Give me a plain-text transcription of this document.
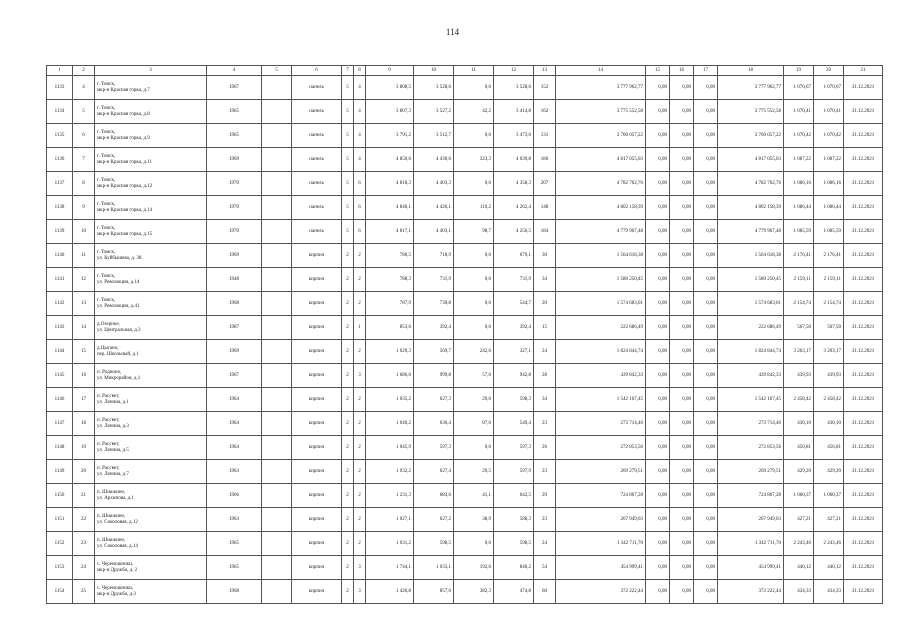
114
1	2	3	4	5	6	7	8	9	10	11	12	13	14	15	16	17	18	19	20	21
1133	4	г. Томск,
мкр-н Красная горка, д.7	1967		панель	5	4	3 808,5	3 528,6	0,0	3 528,6	152	3 777 962,77	0,00	0,00	0,00	3 777 962,77	1 070,67	1 070,67	31.12.2021
1134	5	г. Томск,
мкр-н Красная горка, д.8	1965		панель	5	4	3 807,3	3 527,2	42,2	3 414,8	162	3 775 552,58	0,00	0,00	0,00	3 775 552,58	1 070,41	1 070,41	31.12.2021
1135	6	г. Томск,
мкр-н Красная горка, д.9	1965		панель	5	4	3 791,2	3 512,7	0,0	3 473,0	131	3 760 057,22	0,00	0,00	0,00	3 760 057,22	1 070,42	1 070,42	31.12.2021
1136	7	г. Томск,
мкр-н Красная горка, д.11	1969		панель	5	4	4 850,6	4 430,6	323,3	4 039,8	186	4 817 055,03	0,00	0,00	0,00	4 817 055,03	1 087,22	1 087,22	31.12.2021
1137	8	г. Томск,
мкр-н Красная горка, д.12	1970		панель	5	6	4 818,3	4 403,3	0,0	4 358,3	207	4 782 702,76	0,00	0,00	0,00	4 782 702,76	1 086,16	1 086,16	31.12.2021
1138	9	г. Томск,
мкр-н Красная горка, д.14	1970		панель	5	6	4 840,1	4 426,1	110,2	4 262,4	148	4 802 158,39	0,00	0,00	0,00	4 802 158,39	1 086,44	1 086,44	31.12.2021
1139	10	г. Томск,
мкр-н Красная горка, д.15	1970		панель	5	6	4 817,1	4 403,1	98,7	4 256,5	184	4 779 967,48	0,00	0,00	0,00	4 779 967,48	1 085,59	1 085,59	31.12.2021
1140	11	г. Томск,
ул. Куйбышева, д. 38	1969		кирпич	2	2	780,5	718,9	0,0	679,1	30	1 564 618,38	0,00	0,00	0,00	1 564 618,38	2 176,41	2 176,41	31.12.2021
1141	12	г. Томск,
ул. Революции, д.14	1948		кирпич	2	2	788,3	731,9	0,0	731,9	34	1 580 250,45	0,00	0,00	0,00	1 580 250,45	2 159,11	2 159,11	31.12.2021
1142	13	г. Томск,
ул. Революции, д.41	1968		кирпич	2	2	787,9	730,8	0,0	544,7	20	1 574 683,01	0,00	0,00	0,00	1 574 683,01	2 154,74	2 154,74	31.12.2021
1143	14	д.Озерное,
ул. Центральная, д.3	1987		кирпич	2	1	853,6	392,4	0,0	392,4	15	222 686,49	0,00	0,00	0,00	222 686,49	567,50	567,50	31.12.2021
1144	15	д.Цыгано,
пер. Школьный, д.1	1969		кирпич	2	2	1 029,3	569,7	242,6	327,1	24	1 824 844,74	0,00	0,00	0,00	1 824 844,74	3 203,17	3 203,17	31.12.2021
1145	16	п. Родионо,
ул. Микрорайон, д.1	1967		кирпич	2	3	1 686,0	999,8	57,0	942,8	28	439 842,33	0,00	0,00	0,00	439 842,33	439,93	439,93	31.12.2021
1146	17	п. Рассвет,
ул. Ленина, д.1	1964		кирпич	2	2	1 035,2	627,3	29,0	598,3	34	1 542 167,45	0,00	0,00	0,00	1 542 167,45	2 458,42	2 458,42	31.12.2021
1147	18	п. Рассвет,
ул. Ленина, д.3	1964		кирпич	2	2	1 040,2	636,4	87,0	549,4	23	273 714,46	0,00	0,00	0,00	273 714,46	430,10	430,10	31.12.2021
1148	19	п. Рассвет,
ул. Ленина, д.5	1964		кирпич	2	2	1 045,9	597,3	0,0	597,3	26	272 853,56	0,00	0,00	0,00	272 853,56	456,81	456,81	31.12.2021
1149	20	п. Рассвет,
ул. Ленина, д.7	1963		кирпич	2	2	1 032,2	627,4	29,5	597,9	23	269 279,51	0,00	0,00	0,00	269 279,51	429,20	429,20	31.12.2021
1150	21	п. Шишкино,
ул. Архипова, д.1	1966		кирпич	2	2	1 231,3	683,6	41,1	642,5	29	724 867,28	0,00	0,00	0,00	724 867,28	1 060,37	1 060,37	31.12.2021
1151	22	п. Шишкино,
ул. Соколовая, д.12	1963		кирпич	2	2	1 027,1	627,2	38,9	588,3	23	267 949,03	0,00	0,00	0,00	267 949,03	427,21	427,21	31.12.2021
1152	23	п. Шишкино,
ул. Соколовая, д.14	1965		кирпич	2	2	1 031,2	598,5	0,0	598,5	24	1 342 711,70	0,00	0,00	0,00	1 342 711,70	2 243,46	2 243,46	31.12.2021
1153	24	с. Черемошники,
мкр-н Дружба, д. 2	1965		кирпич	2	3	1 744,1	1 033,1	192,6	840,2	54	454 999,41	0,00	0,00	0,00	454 999,41	440,12	440,12	31.12.2021
1154	25	с. Черемошники,
мкр-н Дружба, д.3	1968		кирпич	2	3	1 426,8	857,0	382,3	474,8	60	372 222,44	0,00	0,00	0,00	372 222,44	434,33	434,33	31.12.2021
